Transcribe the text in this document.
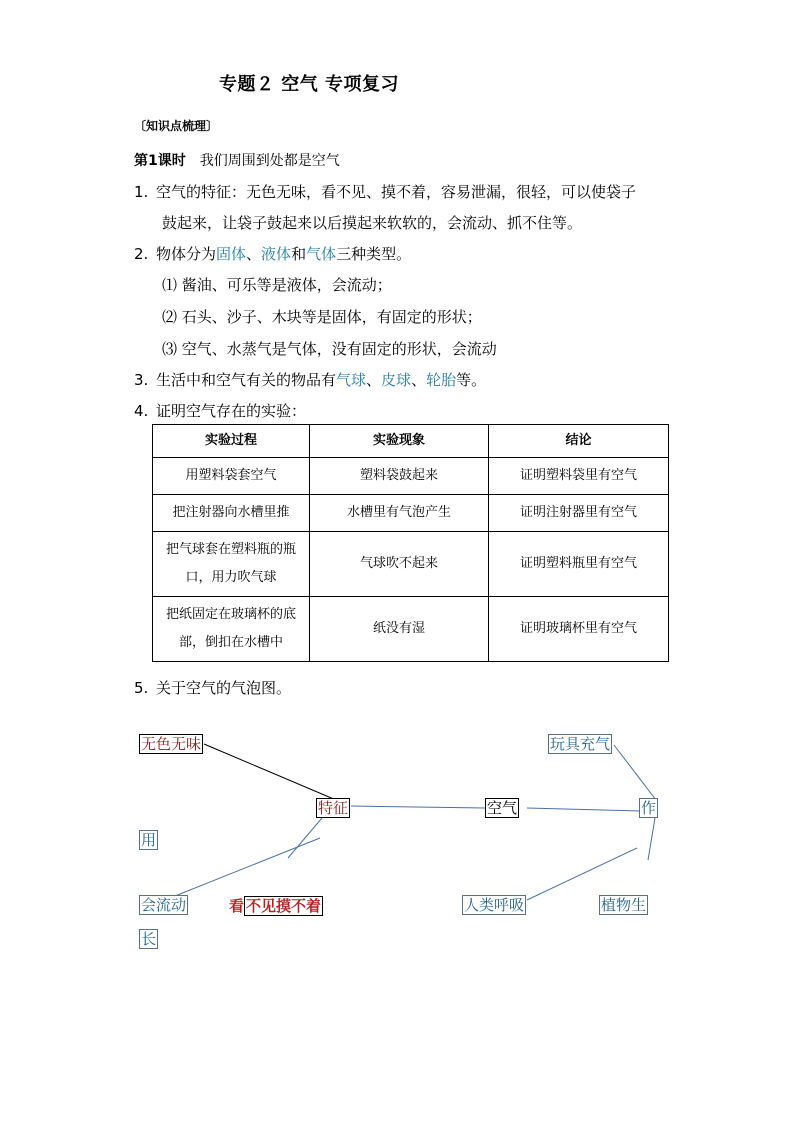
专题２ 空气 专项复习
〔知识点梳理〕
第1课时 我们周围到处都是空气
1. 空气的特征：无色无味，看不见、摸不着，容易泄漏，很轻，可以使袋子
鼓起来，让袋子鼓起来以后摸起来软软的，会流动、抓不住等。
2. 物体分为固体、液体和气体三种类型。
⑴ 酱油、可乐等是液体，会流动；
⑵ 石头、沙子、木块等是固体，有固定的形状；
⑶ 空气、水蒸气是气体，没有固定的形状，会流动
3. 生活中和空气有关的物品有气球、皮球、轮胎等。
4. 证明空气存在的实验：
实验过程	实验现象	结论
用塑料袋套空气	塑料袋鼓起来	证明塑料袋里有空气
把注射器向水槽里推	水槽里有气泡产生	证明注射器里有空气
把气球套在塑料瓶的瓶口，用力吹气球	气球吹不起来	证明塑料瓶里有空气
把纸固定在玻璃杯的底部，倒扣在水槽中	纸没有湿	证明玻璃杯里有空气
5. 关于空气的气泡图。
无色无味
特征	空气	作
用
玩具充气
会流动	看 不见摸不着	人类呼吸	植物生
长
